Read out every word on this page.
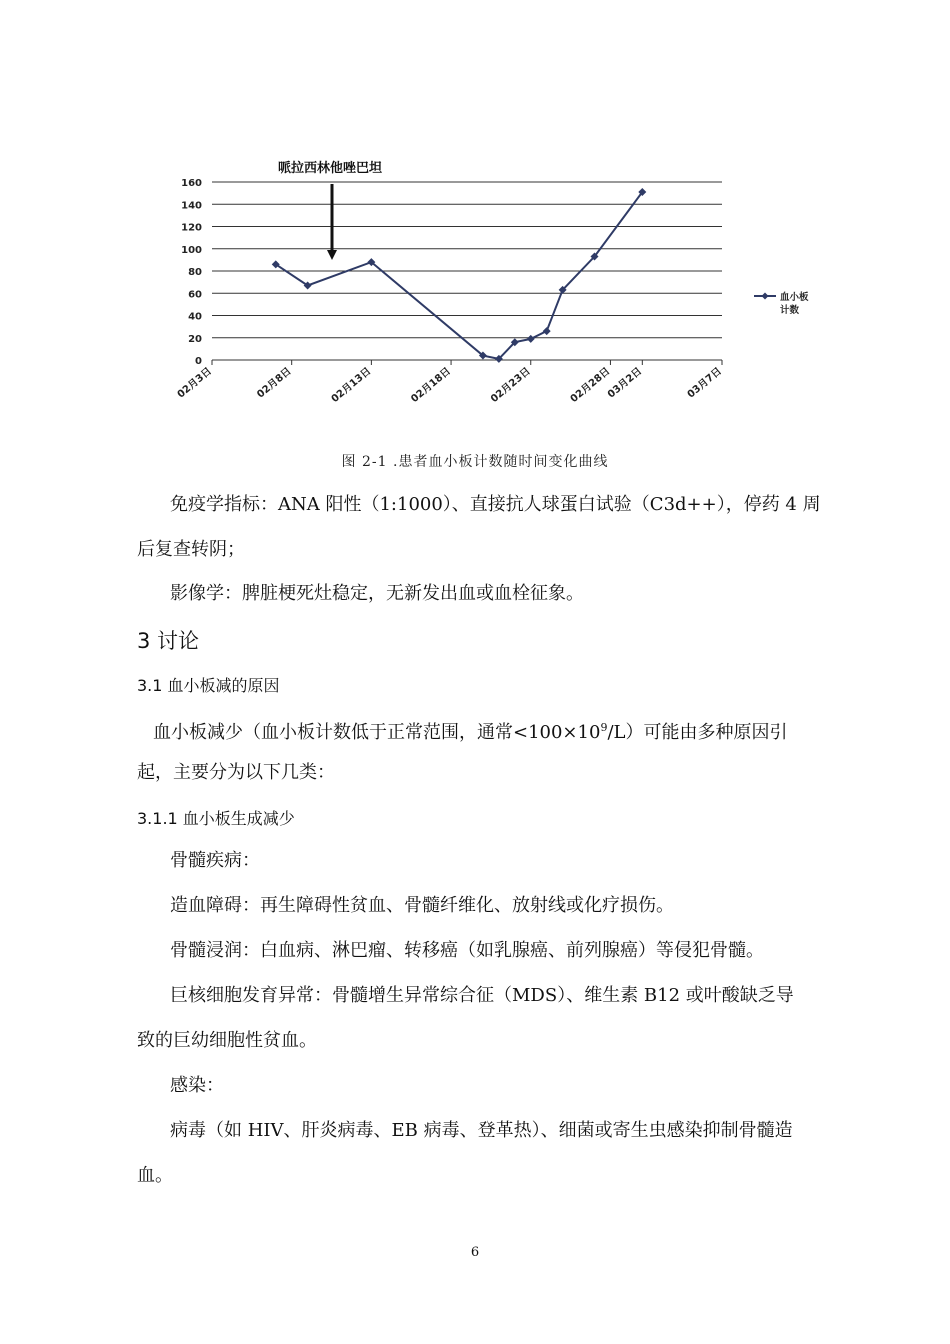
0
20
40
60
80
100
120
140
160
02月3日	02月8日	02月13日	02月18日	02月23日	02月28日
03月2日	03月7日
哌拉西林他唑巴坦
血小板
计数
图 2-1 .患者血小板计数随时间变化曲线
免疫学指标：ANA 阳性（1:1000）、直接抗人球蛋白试验（C3d++），停药 4 周
后复查转阴；
影像学：脾脏梗死灶稳定，无新发出血或血栓征象。
3 讨论
3.1 血小板减的原因
血小板减少（血小板计数低于正常范围，通常$<100\times 10^9/L$）可能由多种原因引
起，主要分为以下几类：
3.1.1 血小板生成减少
骨髓疾病：
造血障碍：再生障碍性贫血、骨髓纤维化、放射线或化疗损伤。
骨髓浸润：白血病、淋巴瘤、转移癌（如乳腺癌、前列腺癌）等侵犯骨髓。
巨核细胞发育异常：骨髓增生异常综合征（MDS）、维生素 B12 或叶酸缺乏导
致的巨幼细胞性贫血。
感染：
病毒（如 HIV、肝炎病毒、EB 病毒、登革热）、细菌或寄生虫感染抑制骨髓造
血。
6
